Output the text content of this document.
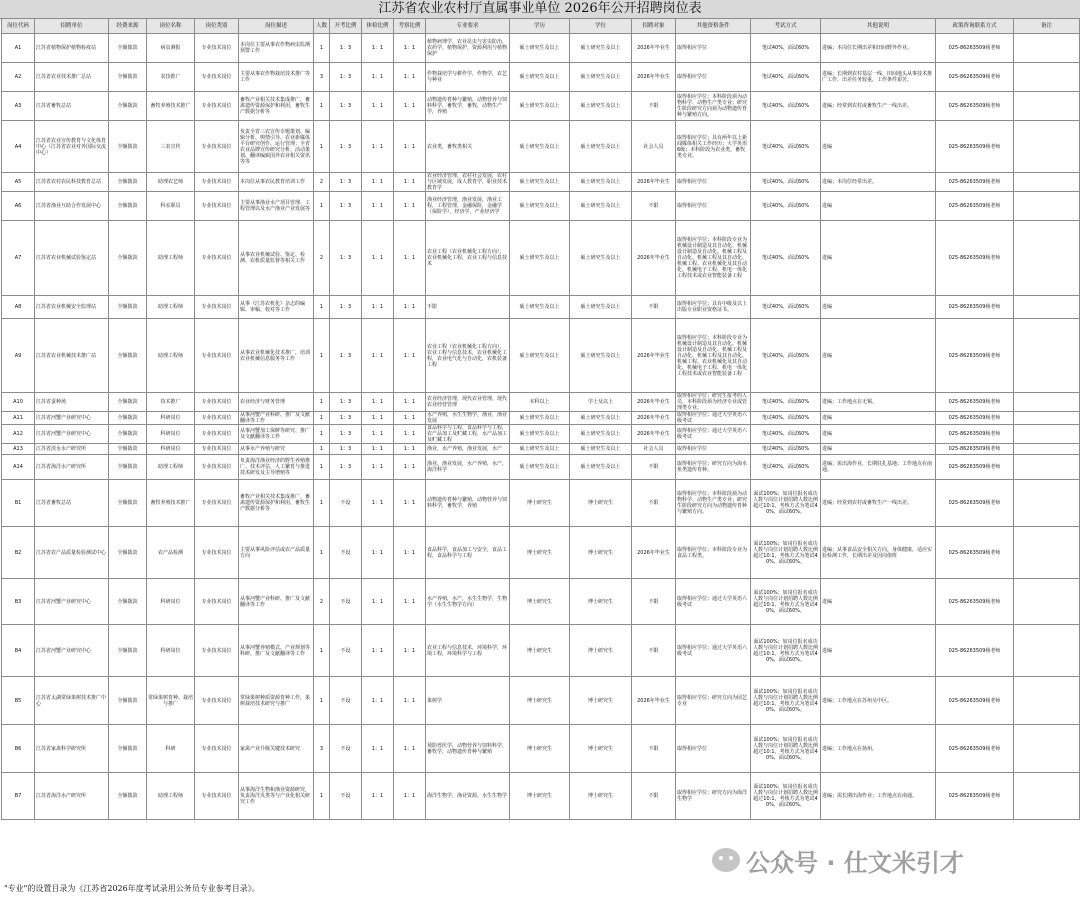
江苏省农业农村厅直属事业单位 2026年公开招聘岗位表
岗位代码	招聘单位	经费来源	岗位名称	岗位类别	岗位描述	人数	开考比例	体检比例	考察比例	专业要求	学历	学位	招聘对象	其他资格条件	考试方式	其他说明	政策咨询联系方式	备注
A1	江苏省植物保护植物检疫站	全额拨款	病虫测报	专业技术岗位	本岗位主要从事农作物病虫监测预警工作	1	1：3	1：1	1：1	植物病理学，农业昆虫与害虫防治，农药学，植物保护，资源利用与植物保护	硕士研究生及以上	硕士研究生及以上	2026年毕业生	取得相应学位	笔试40%，面试60%	进编；本岗位长期出差和田间野外作业。	025-86263509杨老师	
A2	江苏省农业技术推广总站	全额拨款	农技推广	专业技术岗位	主要从事农作物栽培技术推广等工作	3	1：3	1：1	1：1	作物栽培学与耕作学，作物学，农艺与种业	硕士研究生及以上	硕士研究生及以上	2026年毕业生	取得相应学位	笔试40%，面试60%	进编；长期到农村基层一线、田间地头从事技术推广工作，出差任务较重，工作条件艰苦。	025-86263509杨老师	
A3	江苏省畜牧总站	全额拨款	畜牧养殖技术推广	专业技术岗位	畜牧产业相关技术集成推广，畜禽遗传资源保护和利用，畜牧生产数据分析等	1	1：3	1：1	1：1	动物遗传育种与繁殖，动物营养与饲料科学，畜牧学，畜牧，动物生产学，养殖	硕士研究生及以上	硕士研究生及以上	不限	取得相应学位；本科阶段须为动物科学、动物生产类专业；研究生阶段研究方向须为动物遗传育种与繁殖方向。	笔试40%，面试60%	进编；经常到农村或畜牧生产一线出差。	025-86263509杨老师	
A4	江苏省农业宣传教育与文化体育中心（江苏省农业对外国际交流中心）	全额拨款	三农宣传	专业技术岗位	负责全省三农宣传专题策划、编辑分析、舆情引导、农业新媒体平台研究创作、运行管理；全省农业品牌宣传研究分析、活动策划、翻译编辑国外农业相关资讯等等	1	1：3	1：1	1：1	农业类，畜牧类相关	硕士研究生及以上	硕士研究生及以上	社会人员	取得相应学位；具有两年以上新闻媒体相关工作经历；大学英语6级；本科阶段为农业类，畜牧类专业。	笔试40%，面试60%	进编	025-86263509杨老师	
A5	江苏省农村农民科技教育总站	全额拨款	助理农艺师	专业技术岗位	本岗位从事农民教育培训工作	2	1：3	1：1	1：1	农业经济管理，农村社会发展，农村与区域发展，成人教育学，职业技术教育学	硕士研究生及以上	硕士研究生及以上	2026年毕业生	取得相应学位	笔试40%，面试60%	进编；本岗位经常出差。	025-86263509杨老师	
A6	江苏省渔业互助合作发展中心	全额拨款	科室职员	专业技术岗位	主要从事渔业水产项目管理、工程管理以及水产渔业产业发展等	1	1：3	1：1	1：1	渔业经济管理，渔业发展，渔业工程，工程管理，金融保险，金融学（保险学），经济学，产业经济学	硕士研究生及以上	硕士研究生及以上	不限	取得相应学位	笔试40%，面试60%	进编	025-86263509杨老师	
A7	江苏省农业机械试验鉴定站	全额拨款	助理工程师	专业技术岗位	从事农业机械试验、鉴定、检测、农机质量监督等相关工作	2	1：3	1：1	1：1	农业工程（农业机械化工程方向），农业机械化工程，农业工程与信息技术	硕士研究生及以上	硕士研究生及以上	2026年毕业生	取得相应学位；本科阶段专业为机械设计制造及其自动化、机械设计制造及自动化、机械工程及自动化、机械工程及其自动化、机械工程、农业机械化及其自动化、机械电子工程、机电一体化工程技术或农业智能装备工程	笔试40%，面试60%	进编	025-86263509杨老师	
A8	江苏省农业机械安全监理站	全额拨款	助理工程师	专业技术岗位	从事《江苏农机化》杂志的编辑、审稿、校对等工作	1	1：3	1：1	1：1	不限	硕士研究生及以上	硕士研究生及以上	不限	取得相应学位；具有中级及以上出版专业职业资格证书。	笔试40%，面试60%	进编	025-86263509杨老师	
A9	江苏省农业机械技术推广站	全额拨款	助理工程师	专业技术岗位	从事农业机械化技术推广，培训农业机械信息服务等工作	1	1：3	1：1	1：1	农业工程（农业机械化工程方向），农业工程与信息技术，农业机械化工程，农业电气化与自动化，农机装备工程	硕士研究生及以上	硕士研究生及以上	2026年毕业生	取得相应学位；本科阶段专业为机械设计制造及其自动化、机械设计制造及自动化、机械工程及自动化、机械工程及其自动化、机械工程、农业机械化及其自动化、机械电子工程、机电一体化工程技术或农业智能装备工程	笔试40%，面试60%	进编	025-86263509杨老师	
A10	江苏省蚕种场	全额拨款	技术推广	专业技术岗位	农业经济与财务管理	1	1：3	1：1	1：1	农业经济管理，现代农业管理，现代农业经营管理	本科以上	学士及以上	2026年毕业生	取得相应学位；研究生报考的人员，本科阶段须为经济专业或管理类专业。	笔试40%，面试60%	进编；工作地点在无锡。	025-86263509杨老师	
A11	江苏省河蟹产业研究中心	全额拨款	科研岗位	专业技术岗位	从事河蟹产业科研、推广及文献翻译等工作	1	1：3	1：1	1：1	水产养殖，水生生物学，渔业，渔业发展	硕士研究生及以上	硕士研究生及以上	2026年毕业生	取得相应学位；通过大学英语六级考试	笔试40%，面试60%	进编	025-86263509杨老师	
A12	江苏省河蟹产业研究中心	全额拨款	科研岗位	专业技术岗位	从事河蟹加工保鲜等研究、推广及文献翻译等工作	1	1：3	1：1	1：1	食品科学与工程，食品科学与工程，农产品加工及贮藏工程，水产品加工及贮藏工程	硕士研究生及以上	硕士研究生及以上	2026年毕业生	取得相应学位；通过大学英语六级考试	笔试40%，面试60%	进编	025-86263509杨老师	
A13	江苏省淡水水产研究所	全额拨款	科研岗位	专业技术岗位	从事水产养殖与研究	1	1：3	1：1	1：1	渔业，水产养殖，渔业发展，水产	硕士研究生及以上	硕士研究生及以上	社会人员	取得相应学位	笔试40%，面试60%	进编	025-86263509杨老师	
A14	江苏省海洋水产研究所	全额拨款	助理工程师	专业技术岗位	负责海洋渔业经济的野生养殖推广、技术评估，人工繁育与推进技术研发及主导增殖等	1	1：3	1：1	1：1	渔业，渔业发展，水产养殖，水产，海洋科学	硕士研究生及以上	硕士研究生及以上	不限	取得相应学位；研究方向为海水鱼类遗传育种。	笔试40%，面试60%	进编；需出海作业，长期驻扎基地；工作地点在南通。	025-86263509杨老师	
B1	江苏省畜牧总站	全额拨款	畜牧养殖技术推广	专业技术岗位	畜牧产业相关技术集成推广，畜禽遗传资源保护和利用，畜牧生产数据分析等	1	不设	1：1	1：1	动物遗传育种与繁殖，动物营养与饲料科学，畜牧学，养殖	博士研究生	博士研究生	不限	取得相应学位；本科阶段须为动物科学、动物生产类专业；研究生阶段研究方向为动物遗传育种与繁殖方向。	面试100%；如岗位报名成功人数与岗位计划招聘人数比例超过10:1，考核方式为笔试40%，面试60%。	进编；经常到农村或畜牧生产一线出差。	025-86263509杨老师	
B2	江苏省农产品质量检验测试中心	全额拨款	农产品检测	专业技术岗位	主要从事风险评估或农产品质量方向	1	不设	1：1	1：1	食品科学，食品加工与安全，食品工程，食品科学与工程	博士研究生	博士研究生	2026年毕业生	取得相应学位；本科阶段专业为食品工程类。	面试100%；如岗位报名成功人数与岗位计划招聘人数比例超过10:1，考核方式为笔试40%，面试60%。	进编；从事食品安全相关方向，身体健康，适应实验检测工作，长期出差及因岗值班	025-86263509杨老师	
B3	江苏省河蟹产业研究中心	全额拨款	科研岗位	专业技术岗位	从事河蟹产业科研、推广及文献翻译等工作	2	不设	1：1	1：1	水产养殖，水产，水生生物学，生物学（水生生物学方向）	博士研究生	博士研究生	不限	取得相应学位；通过大学英语六级考试	面试100%；如岗位报名成功人数与岗位计划招聘人数比例超过10:1，考核方式为笔试40%，面试60%。	进编	025-86263509杨老师	
B4	江苏省河蟹产业研究中心	全额拨款	科研岗位	专业技术岗位	从事河蟹养殖模式、产业规划等科研、推广及文献翻译等工作	1	不设	1：1	1：1	农业工程与信息技术，环境科学，环境工程，环境科学与工程	博士研究生	博士研究生	不限	取得相应学位；通过大学英语六级考试	面试100%；如岗位报名成功人数与岗位计划招聘人数比例超过10:1，考核方式为笔试40%，面试60%。	进编	025-86263509杨老师	
B5	江苏省太湖常绿果树技术推广中心	全额拨款	常绿果树育种、栽培与推广	专业技术岗位	常绿果树种质资源育种工作，果树栽培技术研究与推广	1	不设	1：1	1：1	果树学	博士研究生	博士研究生	2026年毕业生	取得相应学位；研究方向为园艺专业	面试100%；如岗位报名成功人数与岗位计划招聘人数比例超过10:1，考核方式为笔试40%，面试60%。	进编；工作地点在苏州吴中区。	025-86263509杨老师	
B6	江苏省家禽科学研究所	全额拨款	科研	专业技术岗位	家禽产业升级关键技术研究	3	不设	1：1	1：1	预防兽医学，动物营养与饲料科学，畜牧学，动物遗传育种与繁殖	博士研究生	博士研究生	不限	取得相应学位	面试100%；如岗位报名成功人数与岗位计划招聘人数比例超过10:1，考核方式为笔试40%，面试60%。	进编；工作地点在扬州。	025-86263509杨老师	
B7	江苏省海洋水产研究所	全额拨款	助理工程师	专业技术岗位	从事海洋生物和渔业资源研究，负责海洋贝类等与产业化相关研究工作	1	不设	1：1	1：1	海洋生物学，渔业资源，水生生物学	博士研究生	博士研究生	不限	取得相应学位；研究方向为海洋生物学	面试100%；如岗位报名成功人数与岗位计划招聘人数比例超过10:1，考核方式为笔试40%，面试60%。	进编；需长期出海作业；工作地点在南通。	025-86263509杨老师	
"专业"的设置目录为《江苏省2026年度考试录用公务员专业参考目录》。
公众号 · 仕文米引才
